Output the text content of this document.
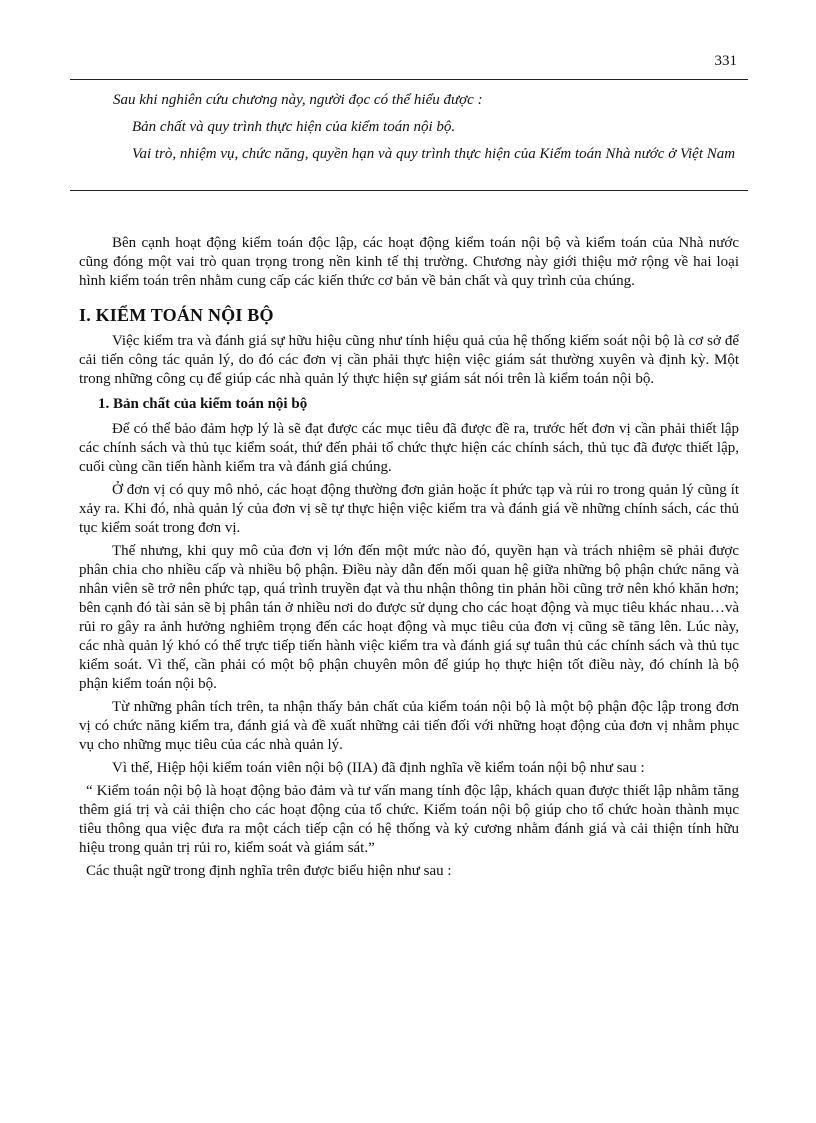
331

Sau khi nghiên cứu chương này, người đọc có thể hiểu được :

Bản chất và quy trình thực hiện của kiểm toán nội bộ.

Vai trò, nhiệm vụ, chức năng, quyền hạn và quy trình thực hiện của Kiểm toán Nhà nước ở Việt Nam

Bên cạnh hoạt động kiểm toán độc lập, các hoạt động kiểm toán nội bộ và kiểm toán của Nhà nước cũng đóng một vai trò quan trọng trong nền kinh tế thị trường. Chương này giới thiệu mở rộng về hai loại hình kiểm toán trên nhằm cung cấp các kiến thức cơ bản về bản chất và quy trình của chúng.

I. KIỂM TOÁN NỘI BỘ

Việc kiểm tra và đánh giá sự hữu hiệu cũng như tính hiệu quả của hệ thống kiểm soát nội bộ là cơ sở để cải tiến công tác quản lý, do đó các đơn vị cần phải thực hiện việc giám sát thường xuyên và định kỳ. Một trong những công cụ để giúp các nhà quản lý thực hiện sự giám sát nói trên là kiểm toán nội bộ.

1. Bản chất của kiểm toán nội bộ

Để có thể bảo đảm hợp lý là sẽ đạt được các mục tiêu đã được đề ra, trước hết đơn vị cần phải thiết lập các chính sách và thủ tục kiểm soát, thứ đến phải tổ chức thực hiện các chính sách, thủ tục đã được thiết lập, cuối cùng cần tiến hành kiểm tra và đánh giá chúng.

Ở đơn vị có quy mô nhỏ, các hoạt động thường đơn giản hoặc ít phức tạp và rủi ro trong quản lý cũng ít xảy ra. Khi đó, nhà quản lý của đơn vị sẽ tự thực hiện việc kiểm tra và đánh giá về những chính sách, các thủ tục kiểm soát trong đơn vị.

Thế nhưng, khi quy mô của đơn vị lớn đến một mức nào đó, quyền hạn và trách nhiệm sẽ phải được phân chia cho nhiều cấp và nhiều bộ phận. Điều này dẫn đến mối quan hệ giữa những bộ phận chức năng và nhân viên sẽ trở nên phức tạp, quá trình truyền đạt và thu nhận thông tin phản hồi cũng trở nên khó khăn hơn; bên cạnh đó tài sản sẽ bị phân tán ở nhiều nơi do được sử dụng cho các hoạt động và mục tiêu khác nhau…và rủi ro gây ra ảnh hưởng nghiêm trọng đến các hoạt động và mục tiêu của đơn vị cũng sẽ tăng lên. Lúc này, các nhà quản lý khó có thể trực tiếp tiến hành việc kiểm tra và đánh giá sự tuân thủ các chính sách và thủ tục kiểm soát. Vì thế, cần phải có một bộ phận chuyên môn để giúp họ thực hiện tốt điều này, đó chính là bộ phận kiểm toán nội bộ.

Từ những phân tích trên, ta nhận thấy bản chất của kiểm toán nội bộ là một bộ phận độc lập trong đơn vị có chức năng kiểm tra, đánh giá và đề xuất những cải tiến đối với những hoạt động của đơn vị nhằm phục vụ cho những mục tiêu của các nhà quản lý.

Vì thế, Hiệp hội kiểm toán viên nội bộ (IIA) đã định nghĩa về kiểm toán nội bộ như sau :

“ Kiểm toán nội bộ là hoạt động bảo đảm và tư vấn mang tính độc lập, khách quan được thiết lập nhằm tăng thêm giá trị và cải thiện cho các hoạt động của tổ chức. Kiểm toán nội bộ giúp cho tổ chức hoàn thành mục tiêu thông qua việc đưa ra một cách tiếp cận có hệ thống và kỷ cương nhằm đánh giá và cải thiện tính hữu hiệu trong quản trị rủi ro, kiểm soát và giám sát.”

Các thuật ngữ trong định nghĩa trên được biểu hiện như sau :
